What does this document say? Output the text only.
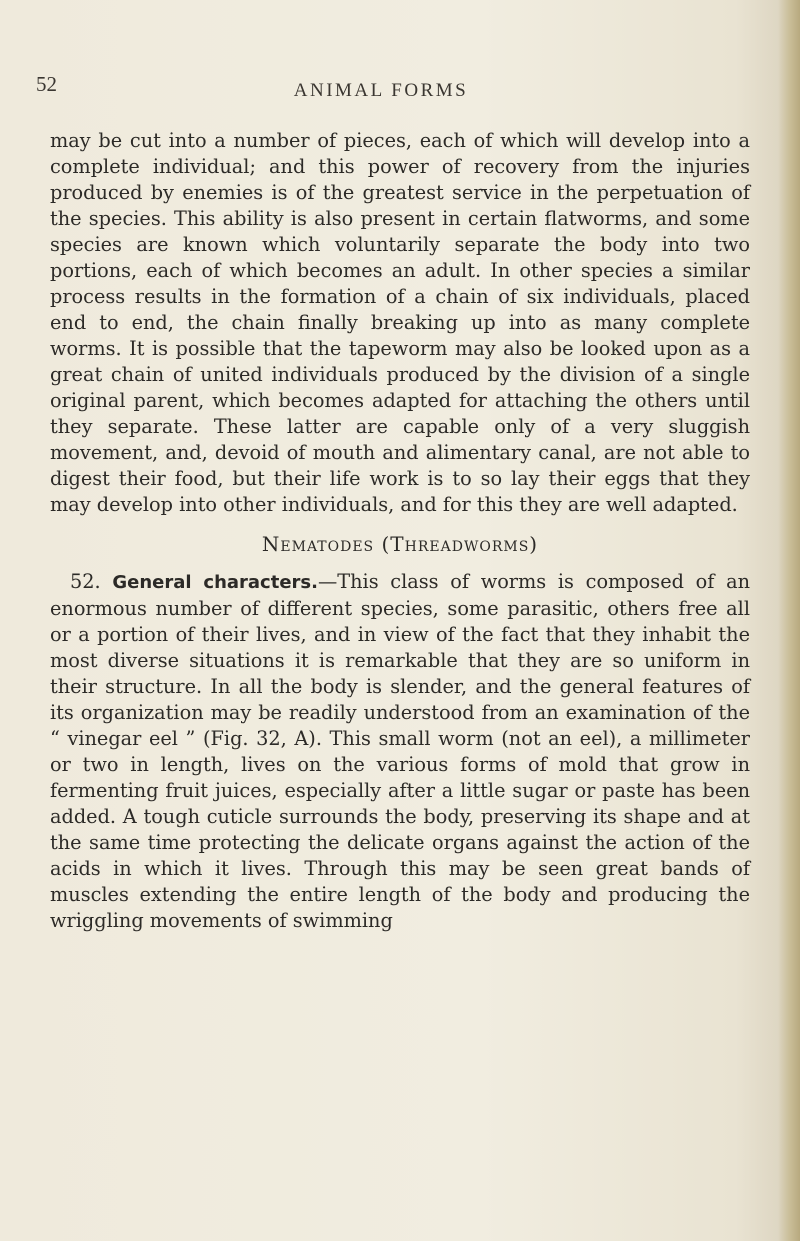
52	ANIMAL FORMS

may be cut into a number of pieces, each of which will develop into a complete individual; and this power of recovery from the injuries produced by enemies is of the greatest service in the perpetuation of the species. This ability is also present in certain flatworms, and some species are known which voluntarily separate the body into two portions, each of which becomes an adult. In other species a similar process results in the formation of a chain of six individuals, placed end to end, the chain finally breaking up into as many complete worms. It is possible that the tapeworm may also be looked upon as a great chain of united individuals produced by the division of a single original parent, which becomes adapted for attaching the others until they separate. These latter are capable only of a very sluggish movement, and, devoid of mouth and alimentary canal, are not able to digest their food, but their life work is to so lay their eggs that they may develop into other individuals, and for this they are well adapted.

Nematodes (Threadworms)

52. General characters.—This class of worms is composed of an enormous number of different species, some parasitic, others free all or a portion of their lives, and in view of the fact that they inhabit the most diverse situations it is remarkable that they are so uniform in their structure. In all the body is slender, and the general features of its organization may be readily understood from an examination of the “ vinegar eel ” (Fig. 32, A). This small worm (not an eel), a millimeter or two in length, lives on the various forms of mold that grow in fermenting fruit juices, especially after a little sugar or paste has been added. A tough cuticle surrounds the body, preserving its shape and at the same time protecting the delicate organs against the action of the acids in which it lives. Through this may be seen great bands of muscles extending the entire length of the body and producing the wriggling movements of swimming
